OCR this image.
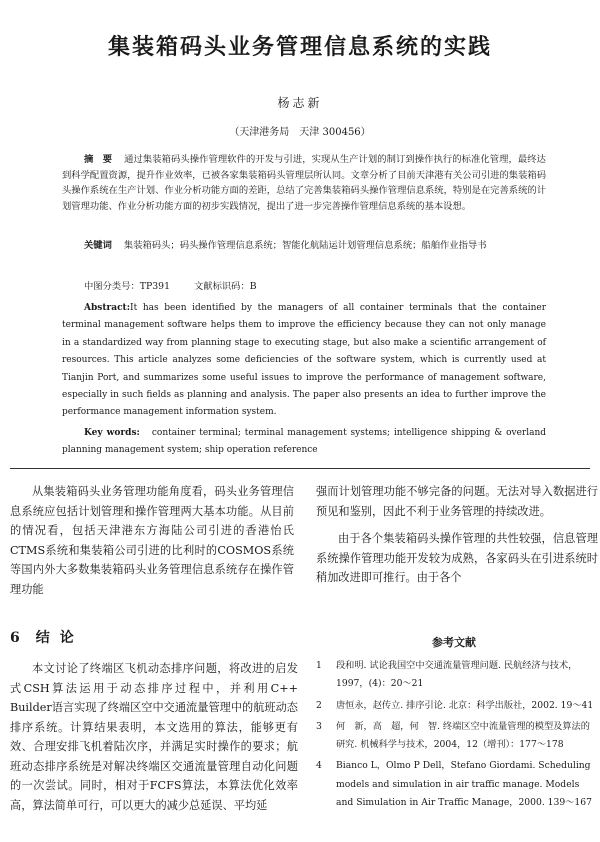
集装箱码头业务管理信息系统的实践
杨志新
（天津港务局　天津 300456）
摘　要 通过集装箱码头操作管理软件的开发与引进，实现从生产计划的制订到操作执行的标准化管理，最终达到科学配置资源，提升作业效率，已被各家集装箱码头管理层所认同。文章分析了目前天津港有关公司引进的集装箱码头操作系统在生产计划、作业分析功能方面的差距，总结了完善集装箱码头操作管理信息系统，特别是在完善系统的计划管理功能、作业分析功能方面的初步实践情况，提出了进一步完善操作管理信息系统的基本设想。
关键词 集装箱码头；码头操作管理信息系统；智能化航陆运计划管理信息系统；船舶作业指导书
中图分类号：TP391	文献标识码：B
Abstract:It has been identified by the managers of all container terminals that the container terminal management software helps them to improve the efficiency because they can not only manage in a standardized way from planning stage to executing stage, but also make a scientific arrangement of resources. This article analyzes some deficiencies of the software system, which is currently used at Tianjin Port, and summarizes some useful issues to improve the performance of management software, especially in such fields as planning and analysis. The paper also presents an idea to further improve the performance management information system.
Key words: container terminal; terminal management systems; intelligence shipping & overland planning management system; ship operation reference

从集装箱码头业务管理功能角度看，码头业务管理信息系统应包括计划管理和操作管理两大基本功能。从目前的情况看，包括天津港东方海陆公司引进的香港怡氏CTMS系统和集装箱公司引进的比利时的COSMOS系统等国内外大多数集装箱码头业务管理信息系统存在操作管理功能

强而计划管理功能不够完备的问题。无法对导入数据进行预见和鉴别，因此不利于业务管理的持续改进。

由于各个集装箱码头操作管理的共性较强，信息管理系统操作管理功能开发较为成熟，各家码头在引进系统时稍加改进即可推行。由于各个

6 结论

本文讨论了终端区飞机动态排序问题，将改进的启发式CSH算法运用于动态排序过程中，并利用C++ Builder语言实现了终端区空中交通流量管理中的航班动态排序系统。计算结果表明，本文选用的算法，能够更有效、合理安排飞机着陆次序，并满足实时操作的要求；航班动态排序系统是对解决终端区交通流量管理自动化问题的一次尝试。同时，相对于FCFS算法，本算法优化效率高，算法简单可行，可以更大的减少总延误、平均延

参考文献
1	段和明. 试论我国空中交通流量管理问题. 民航经济与技术，1997，(4)：20～21
2	唐恒永，赵传立. 排序引论. 北京：科学出版社，2002. 19～41
3	何　新，高　超，何　智. 终端区空中流量管理的模型及算法的研究. 机械科学与技术，2004，12（增刊）：177～178
4	Bianco L，Olmo P Dell，Stefano Giordami. Scheduling models and simulation in air traffic manage. Models and Simulation in Air Traffic Manage，2000. 139～167
